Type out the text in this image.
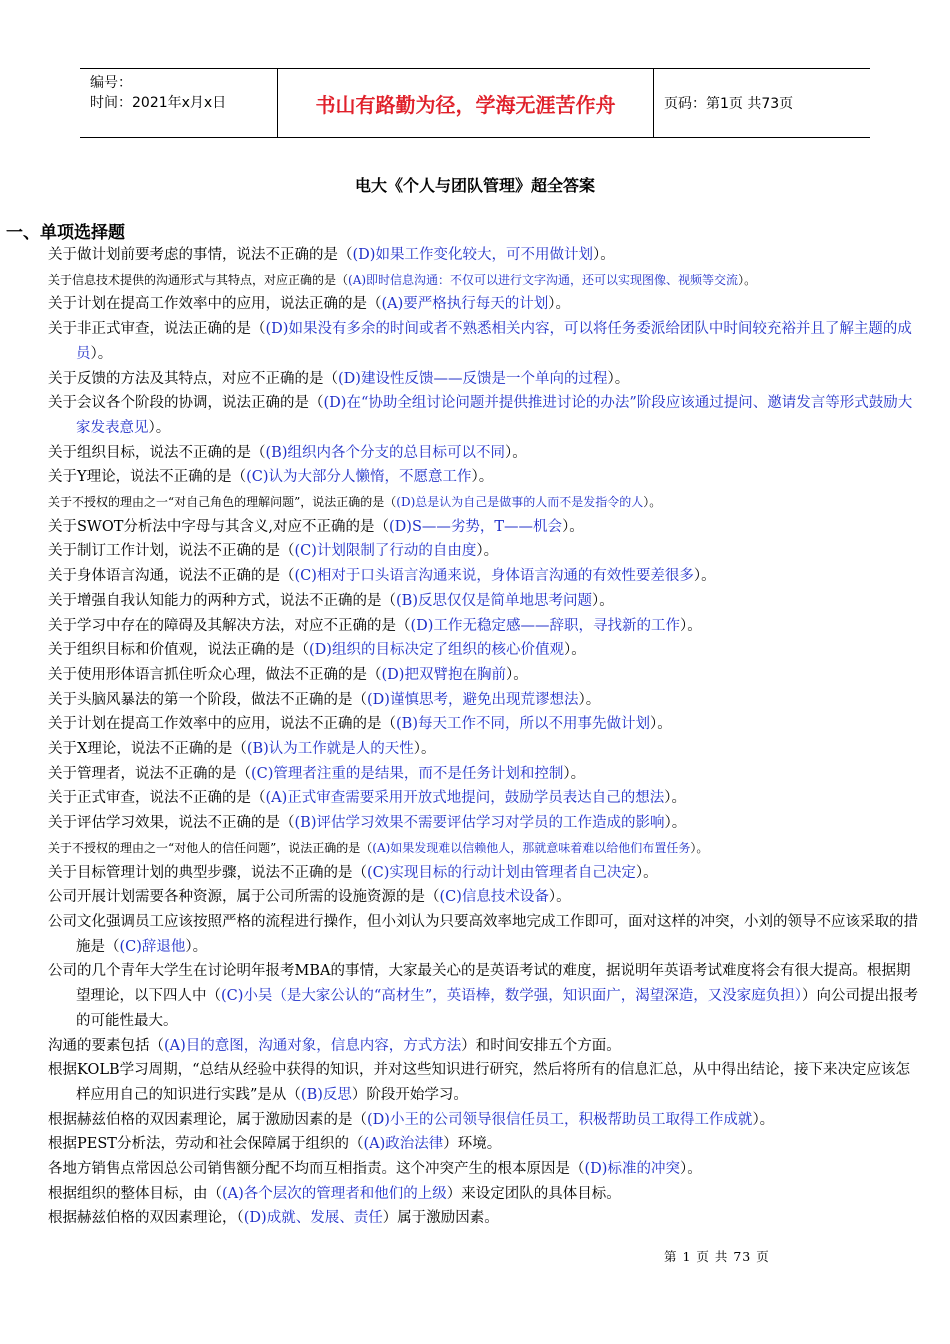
编号：
时间：2021年x月x日	书山有路勤为径，学海无涯苦作舟	页码：第1页 共73页
电大《个人与团队管理》超全答案
一、单项选择题
关于做计划前要考虑的事情，说法不正确的是（(D)如果工作变化较大，可不用做计划）。
关于信息技术提供的沟通形式与其特点，对应正确的是（(A)即时信息沟通：不仅可以进行文字沟通，还可以实现图像、视频等交流）。
关于计划在提高工作效率中的应用，说法正确的是（(A)要严格执行每天的计划）。
关于非正式审查，说法正确的是（(D)如果没有多余的时间或者不熟悉相关内容，可以将任务委派给团队中时间较充裕并且了解主题的成员）。
关于反馈的方法及其特点，对应不正确的是（(D)建设性反馈——反馈是一个单向的过程）。
关于会议各个阶段的协调，说法正确的是（(D)在“协助全组讨论问题并提供推进讨论的办法”阶段应该通过提问、邀请发言等形式鼓励大家发表意见）。
关于组织目标，说法不正确的是（(B)组织内各个分支的总目标可以不同）。
关于Y理论，说法不正确的是（(C)认为大部分人懒惰，不愿意工作）。
关于不授权的理由之一“对自己角色的理解问题”，说法正确的是（(D)总是认为自己是做事的人而不是发指令的人）。
关于SWOT分析法中字母与其含义,对应不正确的是（(D)S——劣势，T——机会）。
关于制订工作计划，说法不正确的是（(C)计划限制了行动的自由度）。
关于身体语言沟通，说法不正确的是（(C)相对于口头语言沟通来说，身体语言沟通的有效性要差很多）。
关于增强自我认知能力的两种方式，说法不正确的是（(B)反思仅仅是简单地思考问题）。
关于学习中存在的障碍及其解决方法，对应不正确的是（(D)工作无稳定感——辞职，寻找新的工作）。
关于组织目标和价值观，说法正确的是（(D)组织的目标决定了组织的核心价值观）。
关于使用形体语言抓住听众心理，做法不正确的是（(D)把双臂抱在胸前）。
关于头脑风暴法的第一个阶段，做法不正确的是（(D)谨慎思考，避免出现荒谬想法）。
关于计划在提高工作效率中的应用，说法不正确的是（(B)每天工作不同，所以不用事先做计划）。
关于X理论，说法不正确的是（(B)认为工作就是人的天性）。
关于管理者，说法不正确的是（(C)管理者注重的是结果，而不是任务计划和控制）。
关于正式审查，说法不正确的是（(A)正式审查需要采用开放式地提问，鼓励学员表达自己的想法）。
关于评估学习效果，说法不正确的是（(B)评估学习效果不需要评估学习对学员的工作造成的影响）。
关于不授权的理由之一“对他人的信任问题”，说法正确的是（(A)如果发现难以信赖他人，那就意味着难以给他们布置任务）。
关于目标管理计划的典型步骤，说法不正确的是（(C)实现目标的行动计划由管理者自己决定）。
公司开展计划需要各种资源，属于公司所需的设施资源的是（(C)信息技术设备）。
公司文化强调员工应该按照严格的流程进行操作，但小刘认为只要高效率地完成工作即可，面对这样的冲突，小刘的领导不应该采取的措施是（(C)辞退他）。
公司的几个青年大学生在讨论明年报考MBA的事情，大家最关心的是英语考试的难度，据说明年英语考试难度将会有很大提高。根据期望理论，以下四人中（(C)小吴（是大家公认的“高材生”，英语棒，数学强，知识面广，渴望深造，又没家庭负担））向公司提出报考的可能性最大。
沟通的要素包括（(A)目的意图，沟通对象，信息内容，方式方法）和时间安排五个方面。
根据KOLB学习周期，“总结从经验中获得的知识，并对这些知识进行研究，然后将所有的信息汇总，从中得出结论，接下来决定应该怎样应用自己的知识进行实践”是从（(B)反思）阶段开始学习。
根据赫兹伯格的双因素理论，属于激励因素的是（(D)小王的公司领导很信任员工，积极帮助员工取得工作成就）。
根据PEST分析法，劳动和社会保障属于组织的（(A)政治法律）环境。
各地方销售点常因总公司销售额分配不均而互相指责。这个冲突产生的根本原因是（(D)标准的冲突）。
根据组织的整体目标，由（(A)各个层次的管理者和他们的上级）来设定团队的具体目标。
根据赫兹伯格的双因素理论，（(D)成就、发展、责任）属于激励因素。
第 1 页 共 73 页
